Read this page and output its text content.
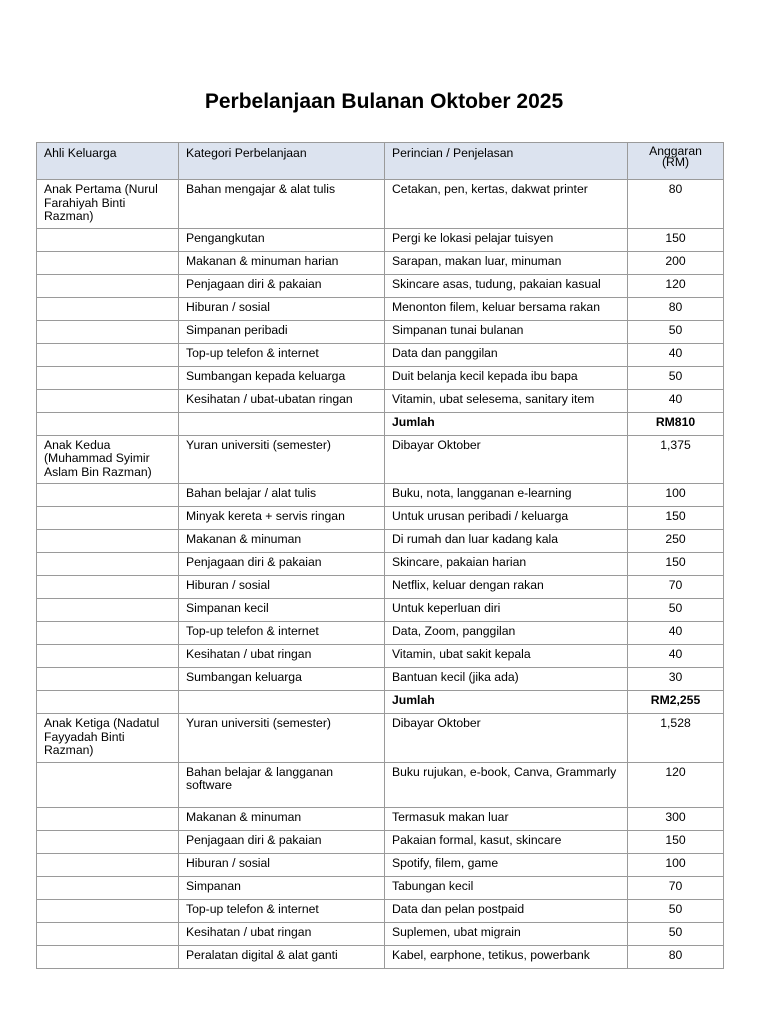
Perbelanjaan Bulanan Oktober 2025
Ahli Keluarga	Kategori Perbelanjaan	Perincian / Penjelasan	Anggaran (RM)
Anak Pertama (Nurul Farahiyah Binti Razman)	Bahan mengajar & alat tulis	Cetakan, pen, kertas, dakwat printer	80
	Pengangkutan	Pergi ke lokasi pelajar tuisyen	150
	Makanan & minuman harian	Sarapan, makan luar, minuman	200
	Penjagaan diri & pakaian	Skincare asas, tudung, pakaian kasual	120
	Hiburan / sosial	Menonton filem, keluar bersama rakan	80
	Simpanan peribadi	Simpanan tunai bulanan	50
	Top-up telefon & internet	Data dan panggilan	40
	Sumbangan kepada keluarga	Duit belanja kecil kepada ibu bapa	50
	Kesihatan / ubat-ubatan ringan	Vitamin, ubat selesema, sanitary item	40
		Jumlah	RM810
Anak Kedua (Muhammad Syimir Aslam Bin Razman)	Yuran universiti (semester)	Dibayar Oktober	1,375
	Bahan belajar / alat tulis	Buku, nota, langganan e-learning	100
	Minyak kereta + servis ringan	Untuk urusan peribadi / keluarga	150
	Makanan & minuman	Di rumah dan luar kadang kala	250
	Penjagaan diri & pakaian	Skincare, pakaian harian	150
	Hiburan / sosial	Netflix, keluar dengan rakan	70
	Simpanan kecil	Untuk keperluan diri	50
	Top-up telefon & internet	Data, Zoom, panggilan	40
	Kesihatan / ubat ringan	Vitamin, ubat sakit kepala	40
	Sumbangan keluarga	Bantuan kecil (jika ada)	30
		Jumlah	RM2,255
Anak Ketiga (Nadatul Fayyadah Binti Razman)	Yuran universiti (semester)	Dibayar Oktober	1,528
	Bahan belajar & langganan software	Buku rujukan, e-book, Canva, Grammarly	120
	Makanan & minuman	Termasuk makan luar	300
	Penjagaan diri & pakaian	Pakaian formal, kasut, skincare	150
	Hiburan / sosial	Spotify, filem, game	100
	Simpanan	Tabungan kecil	70
	Top-up telefon & internet	Data dan pelan postpaid	50
	Kesihatan / ubat ringan	Suplemen, ubat migrain	50
	Peralatan digital & alat ganti	Kabel, earphone, tetikus, powerbank	80
